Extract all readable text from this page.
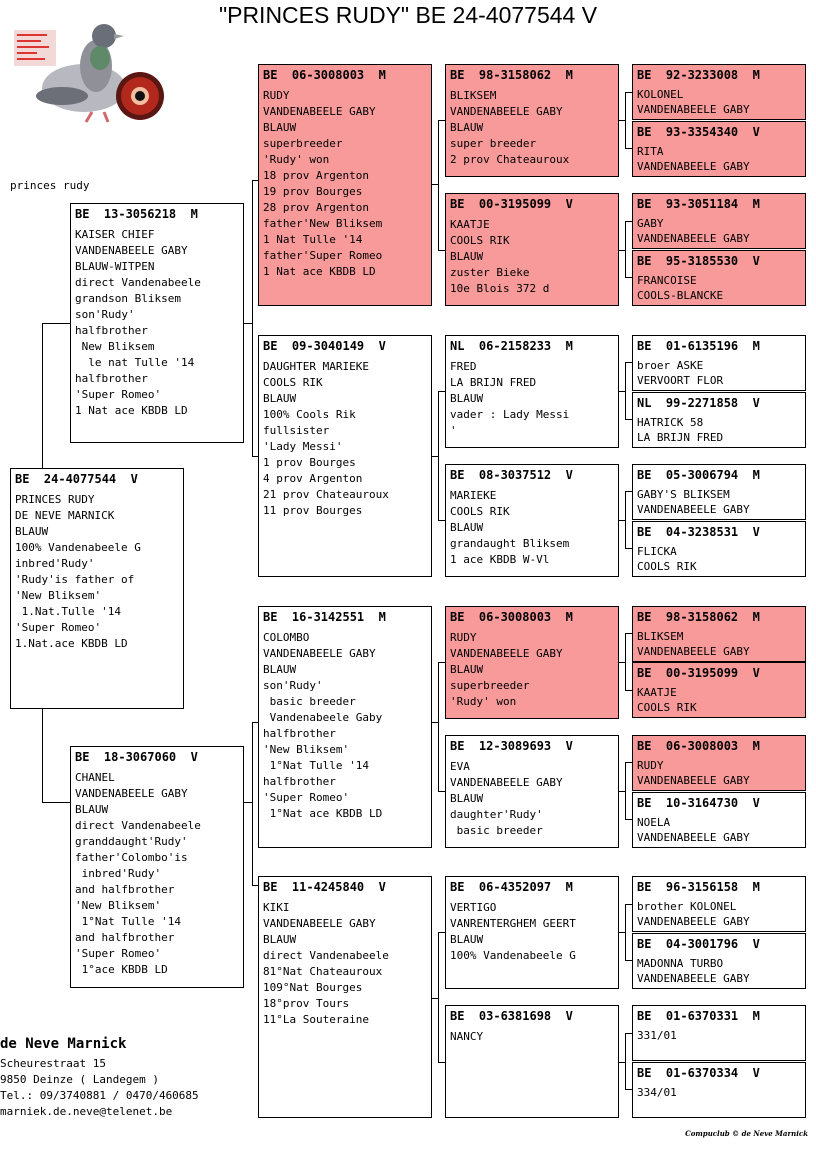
"PRINCES RUDY" BE 24-4077544 V
princes rudy
BE  24-4077544  V
PRINCES RUDY
DE NEVE MARNICK
BLAUW
100% Vandenabeele G
inbred'Rudy'
'Rudy'is father of
'New Bliksem'
1.Nat.Tulle '14
'Super Romeo'
1.Nat.ace KBDB LD
BE  13-3056218  M
KAISER CHIEF
VANDENABEELE GABY
BLAUW-WITPEN
direct Vandenabeele
grandson Bliksem
son'Rudy'
halfbrother
New Bliksem
le nat Tulle '14
halfbrother
'Super Romeo'
1 Nat ace KBDB LD
BE  18-3067060  V
CHANEL
VANDENABEELE GABY
BLAUW
direct Vandenabeele
granddaught'Rudy'
father'Colombo'is
inbred'Rudy'
and halfbrother
'New Bliksem'
1°Nat Tulle '14
and halfbrother
'Super Romeo'
1°ace KBDB LD
BE  06-3008003  M
RUDY
VANDENABEELE GABY
BLAUW
superbreeder
'Rudy' won
18 prov Argenton
19 prov Bourges
28 prov Argenton
father'New Bliksem
1 Nat Tulle '14
father'Super Romeo
1 Nat ace KBDB LD
BE  09-3040149  V
DAUGHTER MARIEKE
COOLS RIK
BLAUW
100% Cools Rik
fullsister
'Lady Messi'
1 prov Bourges
4 prov Argenton
21 prov Chateauroux
11 prov Bourges
BE  16-3142551  M
COLOMBO
VANDENABEELE GABY
BLAUW
son'Rudy'
basic breeder
Vandenabeele Gaby
halfbrother
'New Bliksem'
1°Nat Tulle '14
halfbrother
'Super Romeo'
1°Nat ace KBDB LD
BE  11-4245840  V
KIKI
VANDENABEELE GABY
BLAUW
direct Vandenabeele
81°Nat Chateauroux
109°Nat Bourges
18°prov Tours
11°La Souteraine
BE  98-3158062  M
BLIKSEM
VANDENABEELE GABY
BLAUW
super breeder
2 prov Chateauroux
BE  00-3195099  V
KAATJE
COOLS RIK
BLAUW
zuster Bieke
10e Blois 372 d
NL  06-2158233  M
FRED
LA BRIJN FRED
BLAUW
vader : Lady Messi
'
BE  08-3037512  V
MARIEKE
COOLS RIK
BLAUW
grandaught Bliksem
1 ace KBDB W-Vl
BE  06-3008003  M
RUDY
VANDENABEELE GABY
BLAUW
superbreeder
'Rudy' won
BE  12-3089693  V
EVA
VANDENABEELE GABY
BLAUW
daughter'Rudy'
basic breeder
BE  06-4352097  M
VERTIGO
VANRENTERGHEM GEERT
BLAUW
100% Vandenabeele G
BE  03-6381698  V
NANCY
BE  92-3233008  M
KOLONEL
VANDENABEELE GABY
BE  93-3354340  V
RITA
VANDENABEELE GABY
BE  93-3051184  M
GABY
VANDENABEELE GABY
BE  95-3185530  V
FRANCOISE
COOLS-BLANCKE
BE  01-6135196  M
broer ASKE
VERVOORT FLOR
NL  99-2271858  V
HATRICK 58
LA BRIJN FRED
BE  05-3006794  M
GABY'S BLIKSEM
VANDENABEELE GABY
BE  04-3238531  V
FLICKA
COOLS RIK
BE  98-3158062  M
BLIKSEM
VANDENABEELE GABY
BE  00-3195099  V
KAATJE
COOLS RIK
BE  06-3008003  M
RUDY
VANDENABEELE GABY
BE  10-3164730  V
NOELA
VANDENABEELE GABY
BE  96-3156158  M
brother KOLONEL
VANDENABEELE GABY
BE  04-3001796  V
MADONNA TURBO
VANDENABEELE GABY
BE  01-6370331  M
331/01
BE  01-6370334  V
334/01
de Neve Marnick
Scheurestraat 15
9850 Deinze ( Landegem )
Tel.: 09/3740881 / 0470/460685
marniek.de.neve@telenet.be
Compuclub © de Neve Marnick
